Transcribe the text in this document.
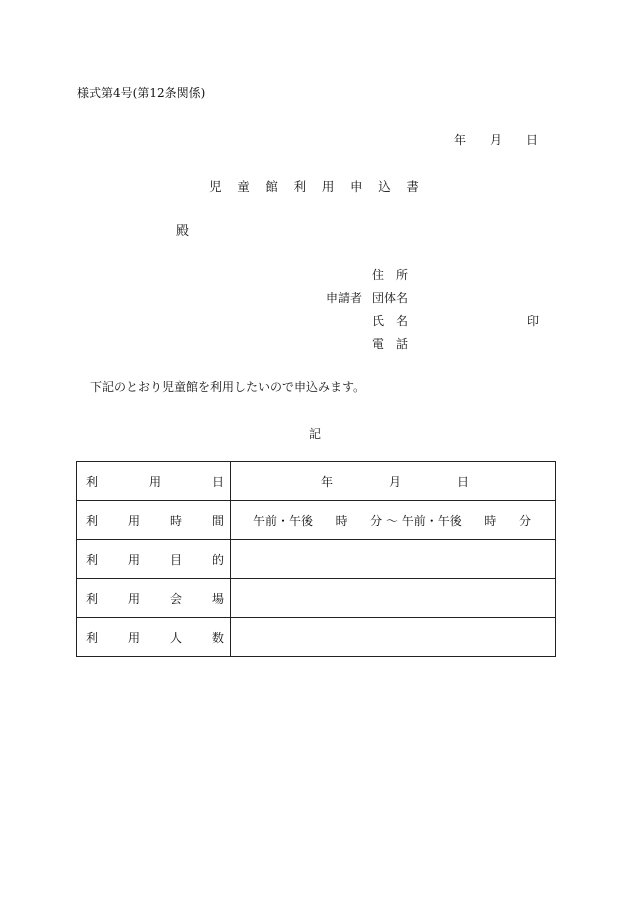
様式第4号(第12条関係)
年 月 日
児 童 館 利 用 申 込 書
殿
住 所
申請者 団体名
氏 名	印
電 話
下記のとおり児童館を利用したいので申込みます。
記
利 用 日	年 月 日

利 用 時 間	午前・午後 時 分 〜 午前・午後 時 分

利 用 目 的	

利 用 会 場	

利 用 人 数	
